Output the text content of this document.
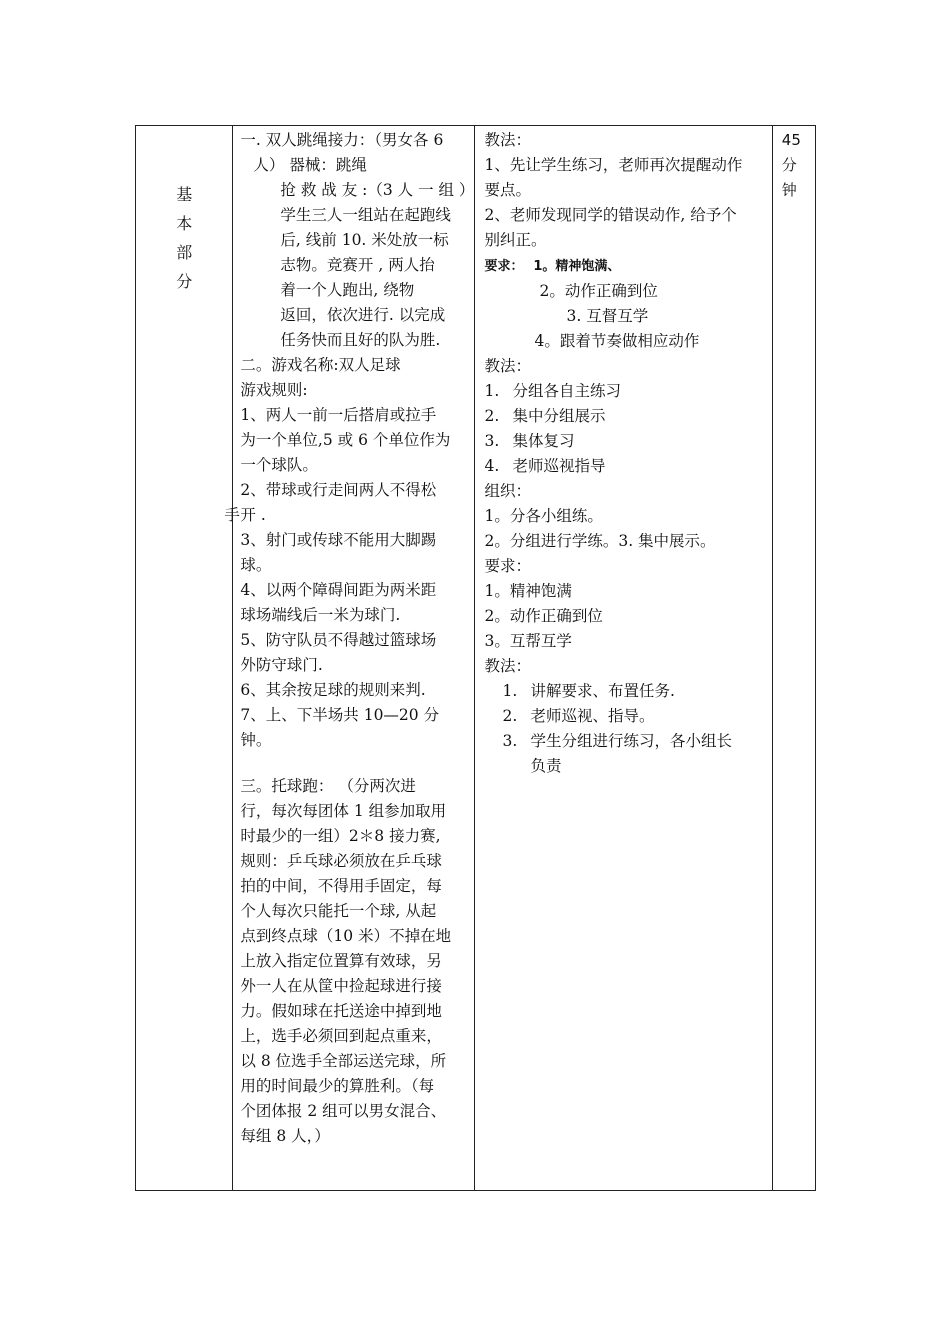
基
本
部
分

一. 双人跳绳接力：（男女各 6
人） 器械：跳绳
抢 救 战 友 :（3 人 一 组 ）
学生三人一组站在起跑线
后, 线前 10. 米处放一标
志物。竞赛开 , 两人抬
着一个人跑出, 绕物
返回，依次进行. 以完成
任务快而且好的队为胜.
二。游戏名称:双人足球
游戏规则:
1、两人一前一后搭肩或拉手
为一个单位,5 或 6 个单位作为
一个球队。
2、带球或行走间两人不得松
手 开 .
3、射门或传球不能用大脚踢
球。
4、以两个障碍间距为两米距
球场端线后一米为球门.
5、防守队员不得越过篮球场
外防守球门.
6、其余按足球的规则来判.
7、上、下半场共 10—20 分
钟。
三。托球跑： （分两次进
行，每次每团体 1 组参加取用
时最少的一组）2＊8 接力赛,
规则：乒乓球必须放在乒乓球
拍的中间，不得用手固定，每
个人每次只能托一个球, 从起
点到终点球（10 米）不掉在地
上放入指定位置算有效球，另
外一人在从筐中捡起球进行接
力。假如球在托送途中掉到地
上，选手必须回到起点重来，
以 8 位选手全部运送完球，所
用的时间最少的算胜利。（每
个团体报 2 组可以男女混合、
每组 8 人，）

教法：
1、先让学生练习，老师再次提醒动作
要点。
2、老师发现同学的错误动作, 给予个
别纠正。
要求： 1。精神饱满、
2。动作正确到位
3. 互督互学
4。跟着节奏做相应动作
教法：
1. 分组各自主练习
2. 集中分组展示
3. 集体复习
4. 老师巡视指导
组织：
1。分各小组练。
2。分组进行学练。3. 集中展示。
要求：
1。精神饱满
2。动作正确到位
3。互帮互学
教法：
1. 讲解要求、布置任务.
2. 老师巡视、指导。
3. 学生分组进行练习，各小组长
负责

45
分
钟
